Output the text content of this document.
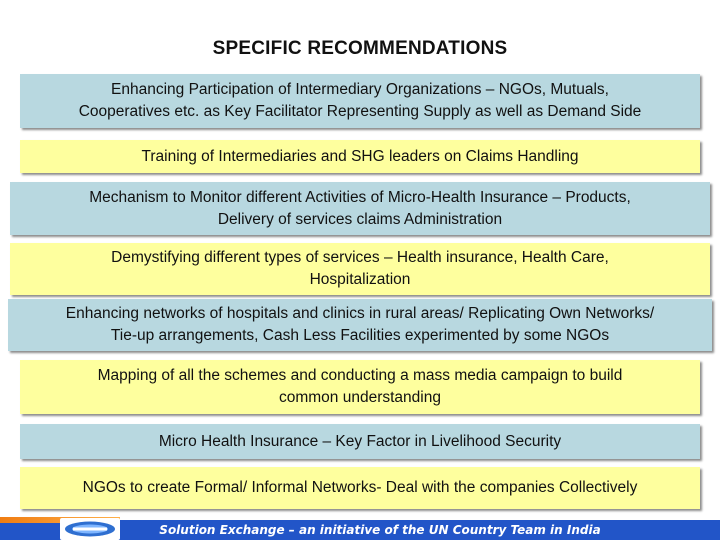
SPECIFIC RECOMMENDATIONS
Enhancing Participation of Intermediary Organizations – NGOs, Mutuals,
Cooperatives etc. as Key Facilitator Representing Supply as well as Demand Side
Training of Intermediaries and SHG leaders on Claims Handling
Mechanism to Monitor different Activities of Micro-Health Insurance – Products,
Delivery of services claims Administration
Demystifying different types of services – Health insurance, Health Care,
Hospitalization
Enhancing networks of hospitals and clinics in rural areas/ Replicating Own Networks/
Tie-up arrangements, Cash Less Facilities experimented by some NGOs
Mapping of all the schemes and conducting a mass media campaign to build
common understanding
Micro Health Insurance – Key Factor in Livelihood Security
NGOs to create Formal/ Informal Networks- Deal with the companies Collectively
Solution Exchange – an initiative of the UN Country Team in India
